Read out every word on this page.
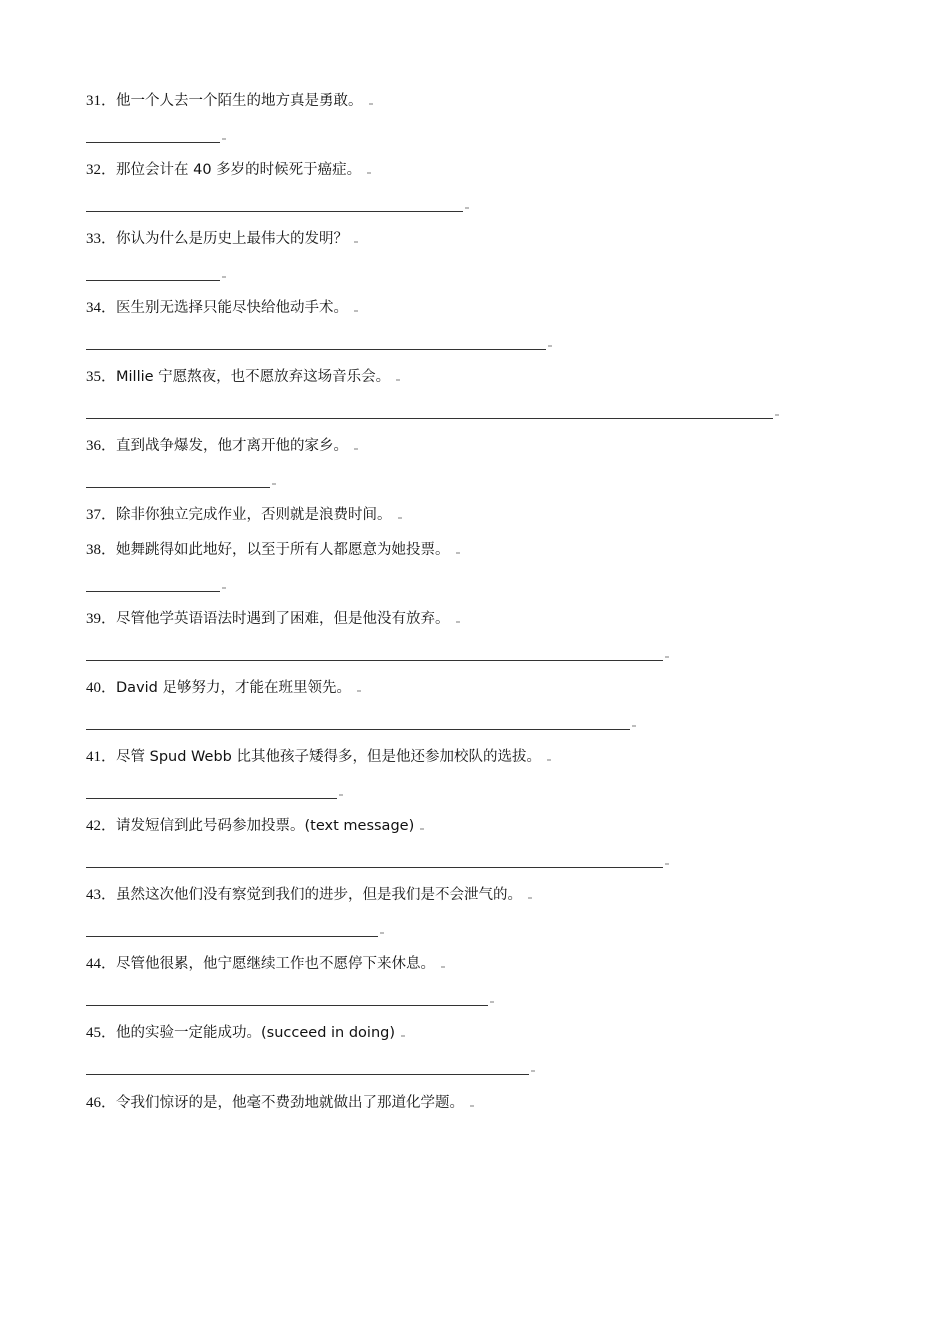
31．他一个人去一个陌生的地方真是勇敢。
32．那位会计在 40 多岁的时候死于癌症。
33．你认为什么是历史上最伟大的发明？
34．医生别无选择只能尽快给他动手术。
35．Millie 宁愿熬夜，也不愿放弃这场音乐会。
36．直到战争爆发，他才离开他的家乡。
37．除非你独立完成作业，否则就是浪费时间。
38．她舞跳得如此地好，以至于所有人都愿意为她投票。
39．尽管他学英语语法时遇到了困难，但是他没有放弃。
40．David 足够努力，才能在班里领先。
41．尽管 Spud Webb 比其他孩子矮得多，但是他还参加校队的选拔。
42．请发短信到此号码参加投票。(text message)
43．虽然这次他们没有察觉到我们的进步，但是我们是不会泄气的。
44．尽管他很累，他宁愿继续工作也不愿停下来休息。
45．他的实验一定能成功。(succeed in doing)
46．令我们惊讶的是，他毫不费劲地就做出了那道化学题。
